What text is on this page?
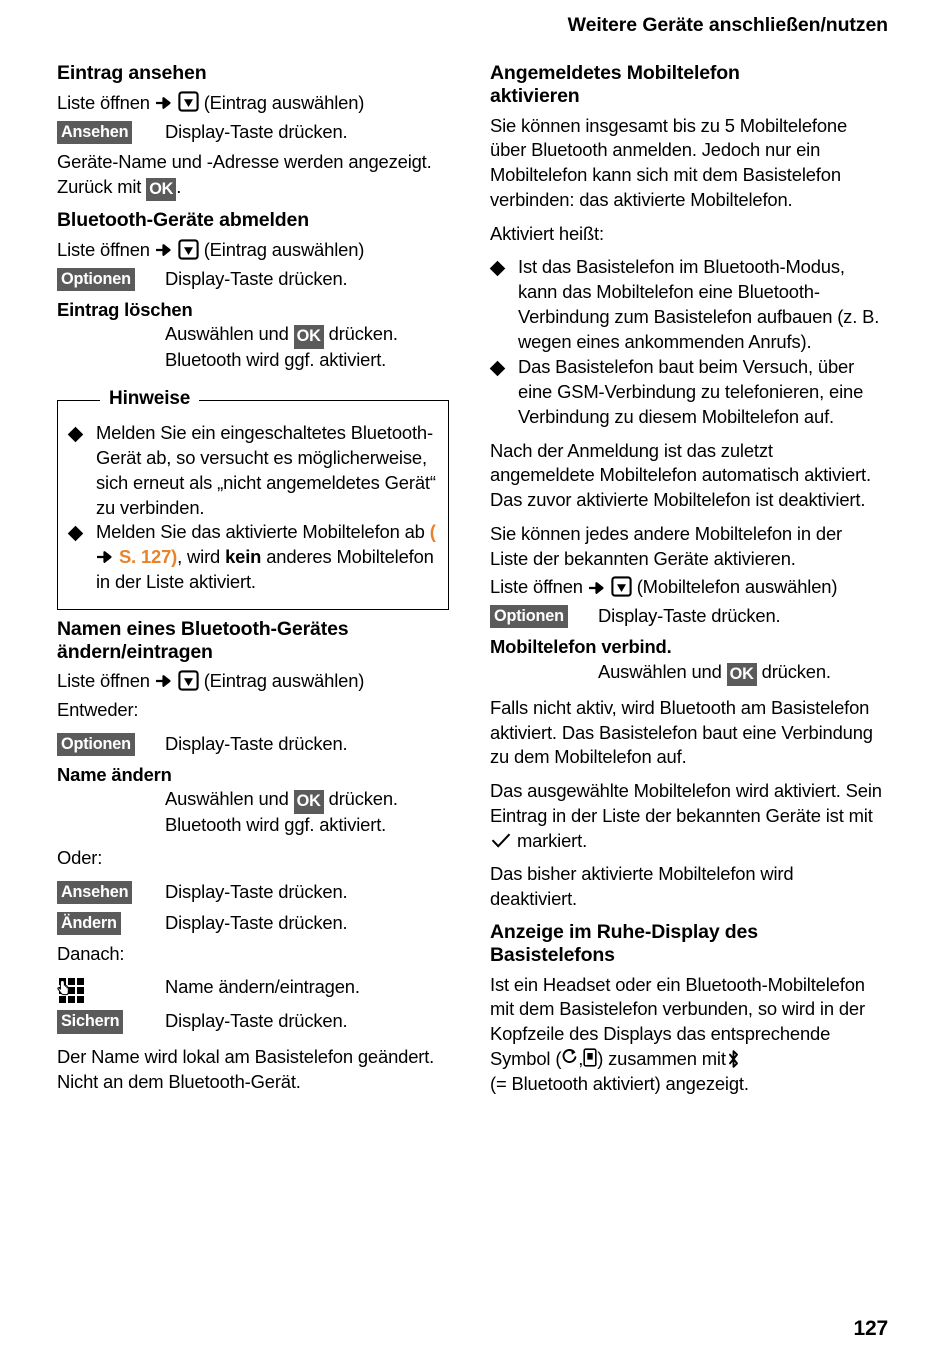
Weitere Geräte anschließen/nutzen
Eintrag ansehen

Liste öffnen
	(Eintrag auswählen)

Ansehen Display-Taste drücken.

Geräte-Name und -Adresse werden angezeigt. Zurück mit OK .

Bluetooth-Geräte abmelden

Liste öffnen
	(Eintrag auswählen)

Optionen Display-Taste drücken.
Eintrag löschen
Auswählen und OK drücken.
Bluetooth wird ggf. aktiviert.
Hinweise
Melden Sie ein eingeschaltetes Bluetooth-Gerät ab, so versucht es möglicherweise, sich erneut als „nicht angemeldetes Gerät“ zu verbinden.
Melden Sie das aktivierte Mobiltelefon ab (
S. 127), wird kein anderes Mobiltelefon in der Liste aktiviert.
Namen eines Bluetooth-Gerätes
ändern/eintragen

Liste öffnen
	(Eintrag auswählen)

Entweder:

Optionen Display-Taste drücken.
Name ändern
Auswählen und OK drücken.
Bluetooth wird ggf. aktiviert.

Oder:

Ansehen Display-Taste drücken.
Ändern	Display-Taste drücken.

Danach:

Name ändern/eintragen.
Sichern Display-Taste drücken.

Der Name wird lokal am Basistelefon geändert. Nicht an dem Bluetooth-Gerät.

Angemeldetes Mobiltelefon
aktivieren

Sie können insgesamt bis zu 5 Mobiltelefone über Bluetooth anmelden. Jedoch nur ein Mobiltelefon kann sich mit dem Basistelefon verbinden: das aktivierte Mobiltelefon.

Aktiviert heißt:

Ist das Basistelefon im Bluetooth-Modus, kann das Mobiltelefon eine Bluetooth-Verbindung zum Basistelefon aufbauen (z. B. wegen eines ankommenden Anrufs).
Das Basistelefon baut beim Versuch, über eine GSM-Verbindung zu telefonieren, eine Verbindung zu diesem Mobiltelefon auf.

Nach der Anmeldung ist das zuletzt angemeldete Mobiltelefon automatisch aktiviert. Das zuvor aktivierte Mobiltelefon ist deaktiviert.

Sie können jedes andere Mobiltelefon in der Liste der bekannten Geräte aktivieren.

Liste öffnen
	(Mobiltelefon auswählen)

Optionen Display-Taste drücken.
Mobiltelefon verbind.
Auswählen und OK drücken.

Falls nicht aktiv, wird Bluetooth am Basistelefon aktiviert. Das Basistelefon baut eine Verbindung zu dem Mobiltelefon auf.

Das ausgewählte Mobiltelefon wird aktiviert. Sein Eintrag in der Liste der bekannten Geräte ist mit
markiert.

Das bisher aktivierte Mobiltelefon wird deaktiviert.

Anzeige im Ruhe-Display des
Basistelefons

Ist ein Headset oder ein Bluetooth-Mobiltelefon mit dem Basistelefon verbunden, so wird in der Kopfzeile des Displays das entsprechende Symbol ( , ) zusammen mit

(= Bluetooth aktiviert) angezeigt.

127
